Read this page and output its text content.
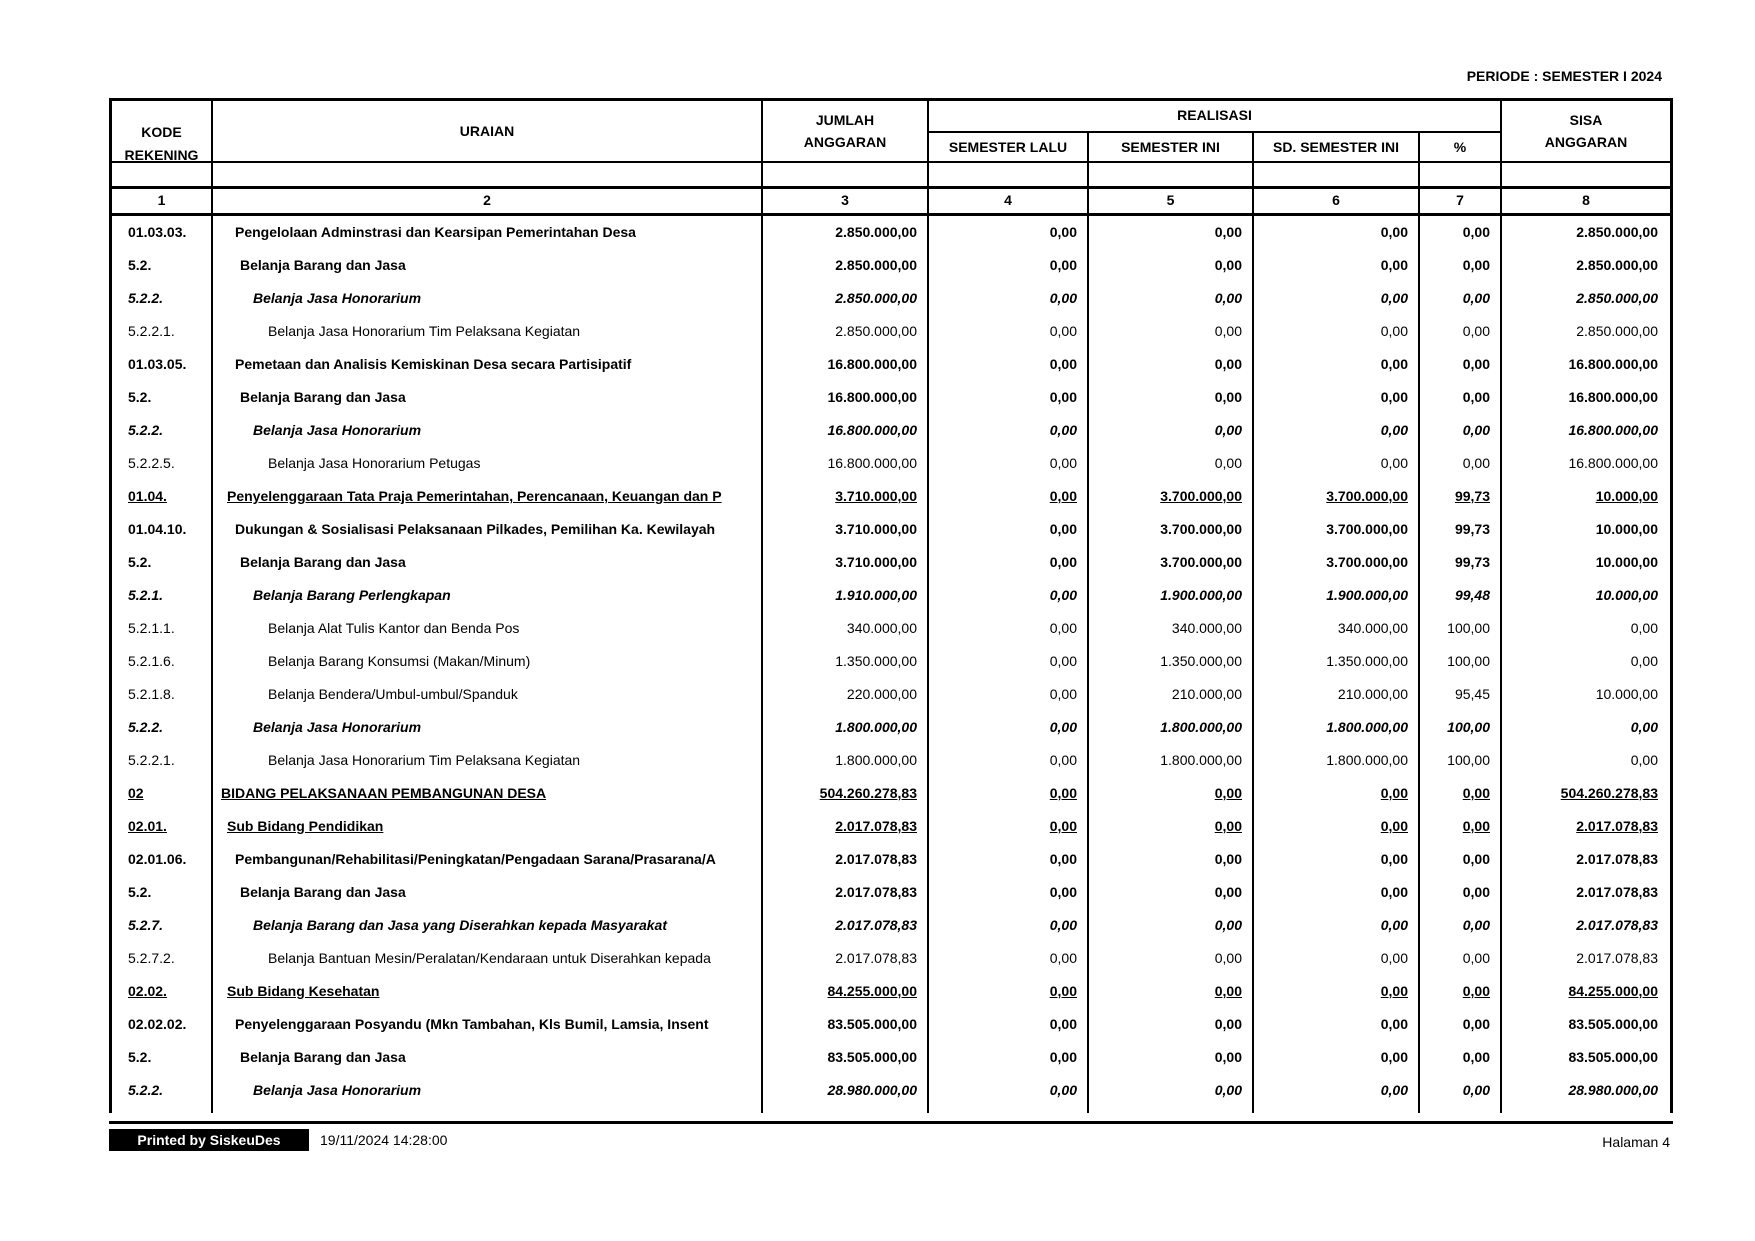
PERIODE : SEMESTER I 2024
KODE
REKENING
URAIAN
JUMLAH
ANGGARAN
REALISASI
SEMESTER LALU	SEMESTER INI	SD. SEMESTER INI	%
SISA
ANGGARAN
1	2	3	4	5	6	7	8
01.03.03.	Pengelolaan Adminstrasi dan Kearsipan Pemerintahan Desa	2.850.000,00	0,00	0,00	0,00	0,00	2.850.000,00
5.2.	Belanja Barang dan Jasa	2.850.000,00	0,00	0,00	0,00	0,00	2.850.000,00
5.2.2.	Belanja Jasa Honorarium	2.850.000,00	0,00	0,00	0,00	0,00	2.850.000,00
5.2.2.1.	Belanja Jasa Honorarium Tim Pelaksana Kegiatan	2.850.000,00	0,00	0,00	0,00	0,00	2.850.000,00
01.03.05.	Pemetaan dan Analisis Kemiskinan Desa secara Partisipatif	16.800.000,00	0,00	0,00	0,00	0,00	16.800.000,00
5.2.	Belanja Barang dan Jasa	16.800.000,00	0,00	0,00	0,00	0,00	16.800.000,00
5.2.2.	Belanja Jasa Honorarium	16.800.000,00	0,00	0,00	0,00	0,00	16.800.000,00
5.2.2.5.	Belanja Jasa Honorarium Petugas	16.800.000,00	0,00	0,00	0,00	0,00	16.800.000,00
01.04.	Penyelenggaraan Tata Praja Pemerintahan, Perencanaan, Keuangan dan P	3.710.000,00	0,00	3.700.000,00	3.700.000,00	99,73	10.000,00
01.04.10.	Dukungan & Sosialisasi Pelaksanaan Pilkades, Pemilihan Ka. Kewilayah	3.710.000,00	0,00	3.700.000,00	3.700.000,00	99,73	10.000,00
5.2.	Belanja Barang dan Jasa	3.710.000,00	0,00	3.700.000,00	3.700.000,00	99,73	10.000,00
5.2.1.	Belanja Barang Perlengkapan	1.910.000,00	0,00	1.900.000,00	1.900.000,00	99,48	10.000,00
5.2.1.1.	Belanja Alat Tulis Kantor dan Benda Pos	340.000,00	0,00	340.000,00	340.000,00	100,00	0,00
5.2.1.6.	Belanja Barang Konsumsi (Makan/Minum)	1.350.000,00	0,00	1.350.000,00	1.350.000,00	100,00	0,00
5.2.1.8.	Belanja Bendera/Umbul-umbul/Spanduk	220.000,00	0,00	210.000,00	210.000,00	95,45	10.000,00
5.2.2.	Belanja Jasa Honorarium	1.800.000,00	0,00	1.800.000,00	1.800.000,00	100,00	0,00
5.2.2.1.	Belanja Jasa Honorarium Tim Pelaksana Kegiatan	1.800.000,00	0,00	1.800.000,00	1.800.000,00	100,00	0,00
02	BIDANG PELAKSANAAN PEMBANGUNAN DESA	504.260.278,83	0,00	0,00	0,00	0,00	504.260.278,83
02.01.	Sub Bidang Pendidikan	2.017.078,83	0,00	0,00	0,00	0,00	2.017.078,83
02.01.06.	Pembangunan/Rehabilitasi/Peningkatan/Pengadaan Sarana/Prasarana/A	2.017.078,83	0,00	0,00	0,00	0,00	2.017.078,83
5.2.	Belanja Barang dan Jasa	2.017.078,83	0,00	0,00	0,00	0,00	2.017.078,83
5.2.7.	Belanja Barang dan Jasa yang Diserahkan kepada Masyarakat	2.017.078,83	0,00	0,00	0,00	0,00	2.017.078,83
5.2.7.2.	Belanja Bantuan Mesin/Peralatan/Kendaraan untuk Diserahkan kepada	2.017.078,83	0,00	0,00	0,00	0,00	2.017.078,83
02.02.	Sub Bidang Kesehatan	84.255.000,00	0,00	0,00	0,00	0,00	84.255.000,00
02.02.02.	Penyelenggaraan Posyandu (Mkn Tambahan, Kls Bumil, Lamsia, Insent	83.505.000,00	0,00	0,00	0,00	0,00	83.505.000,00
5.2.	Belanja Barang dan Jasa	83.505.000,00	0,00	0,00	0,00	0,00	83.505.000,00
5.2.2.	Belanja Jasa Honorarium	28.980.000,00	0,00	0,00	0,00	0,00	28.980.000,00
Printed by SiskeuDes	19/11/2024 14:28:00	Halaman 4
